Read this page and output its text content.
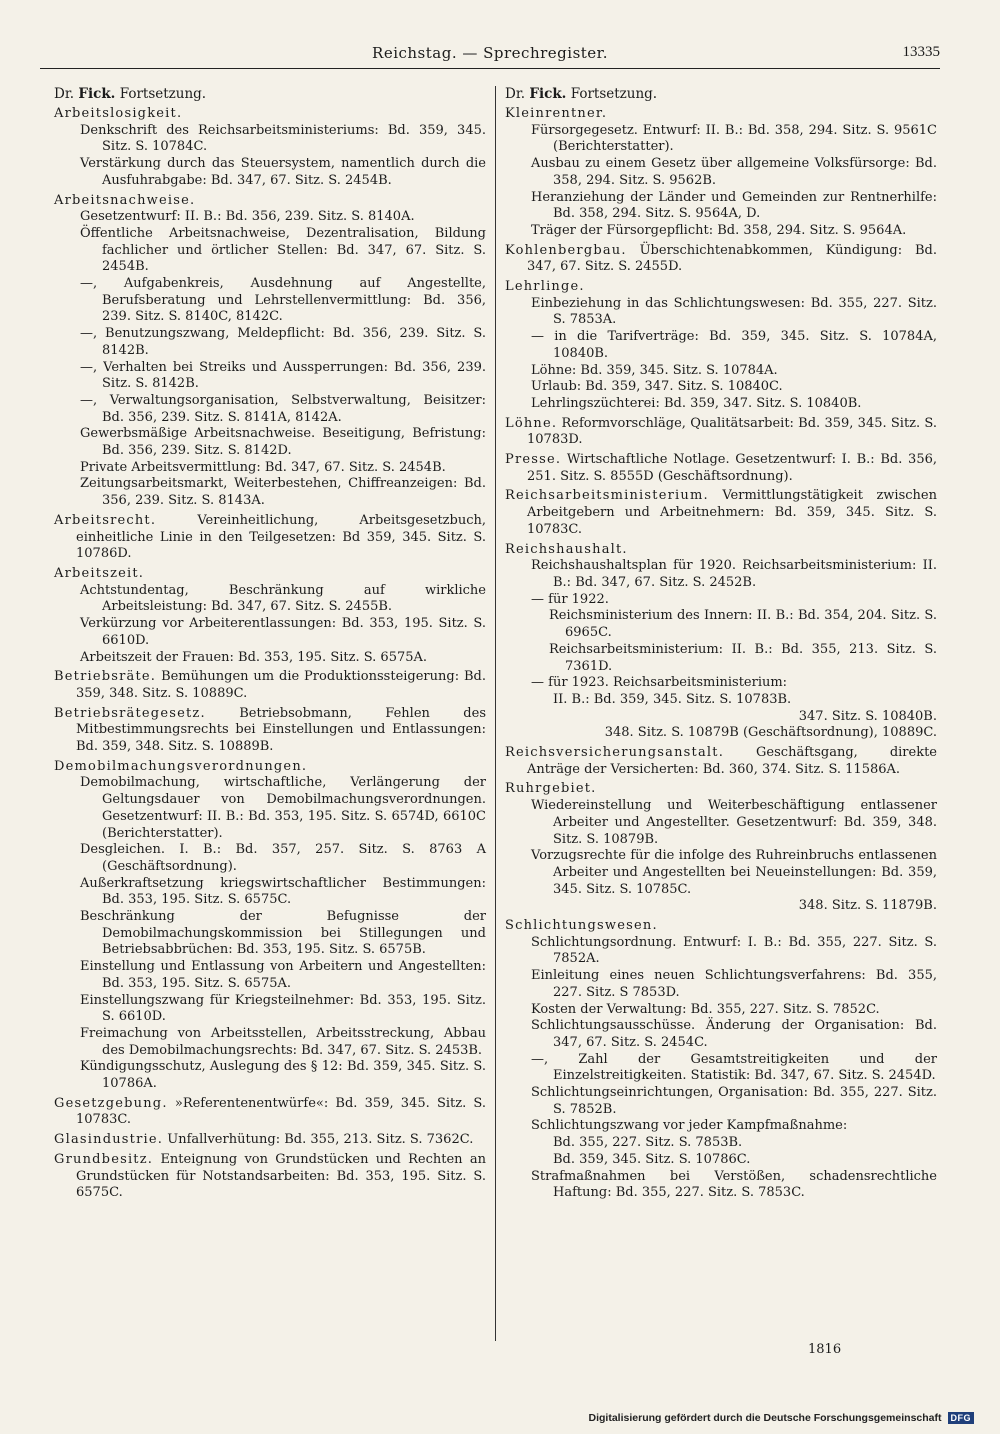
Reichstag. — Sprechregister.	13335
Dr. Fick. Fortsetzung.

Arbeitslosigkeit.

Denkschrift des Reichsarbeitsministeriums: Bd. 359, 345. Sitz. S. 10784C.

Verstärkung durch das Steuersystem, namentlich durch die Ausfuhrabgabe: Bd. 347, 67. Sitz. S. 2454B.

Arbeitsnachweise.

Gesetzentwurf: II. B.: Bd. 356, 239. Sitz. S. 8140A.

Öffentliche Arbeitsnachweise, Dezentralisation, Bildung fachlicher und örtlicher Stellen: Bd. 347, 67. Sitz. S. 2454B.

—, Aufgabenkreis, Ausdehnung auf Angestellte, Berufsberatung und Lehrstellenvermittlung: Bd. 356, 239. Sitz. S. 8140C, 8142C.

—, Benutzungszwang, Meldepflicht: Bd. 356, 239. Sitz. S. 8142B.

—, Verhalten bei Streiks und Aussperrungen: Bd. 356, 239. Sitz. S. 8142B.

—, Verwaltungsorganisation, Selbstverwaltung, Beisitzer: Bd. 356, 239. Sitz. S. 8141A, 8142A.

Gewerbsmäßige Arbeitsnachweise. Beseitigung, Befristung: Bd. 356, 239. Sitz. S. 8142D.

Private Arbeitsvermittlung: Bd. 347, 67. Sitz. S. 2454B.

Zeitungsarbeitsmarkt, Weiterbestehen, Chiffreanzeigen: Bd. 356, 239. Sitz. S. 8143A.

Arbeitsrecht.	Vereinheitlichung, Arbeitsgesetzbuch, einheitliche Linie in den Teilgesetzen: Bd 359, 345. Sitz. S. 10786D.

Arbeitszeit.

Achtstundentag, Beschränkung auf wirkliche Arbeitsleistung: Bd. 347, 67. Sitz. S. 2455B.

Verkürzung vor Arbeiterentlassungen: Bd. 353, 195. Sitz. S. 6610D.

Arbeitszeit der Frauen: Bd. 353, 195. Sitz. S. 6575A.

Betriebsräte. Bemühungen um die Produktionssteigerung: Bd. 359, 348. Sitz. S. 10889C.

Betriebsrätegesetz.	Betriebsobmann, Fehlen des Mitbestimmungsrechts bei Einstellungen und Entlassungen: Bd. 359, 348. Sitz. S. 10889B.

Demobilmachungsverordnungen.

Demobilmachung, wirtschaftliche, Verlängerung der Geltungsdauer von Demobilmachungsverordnungen. Gesetzentwurf: II. B.: Bd. 353, 195. Sitz. S. 6574D, 6610C (Berichterstatter).

Desgleichen. I. B.: Bd. 357, 257. Sitz. S. 8763 A (Geschäftsordnung).

Außerkraftsetzung kriegswirtschaftlicher Bestimmungen: Bd. 353, 195. Sitz. S. 6575C.

Beschränkung der Befugnisse der Demobilmachungskommission bei Stillegungen und Betriebsabbrüchen: Bd. 353, 195. Sitz. S. 6575B.

Einstellung und Entlassung von Arbeitern und Angestellten: Bd. 353, 195. Sitz. S. 6575A.

Einstellungszwang für Kriegsteilnehmer: Bd. 353, 195. Sitz. S. 6610D.

Freimachung von Arbeitsstellen, Arbeitsstreckung, Abbau des Demobilmachungsrechts: Bd. 347, 67. Sitz. S. 2453B.

Kündigungsschutz, Auslegung des § 12: Bd. 359, 345. Sitz. S. 10786A.

Gesetzgebung. »Referentenentwürfe«: Bd. 359, 345. Sitz. S. 10783C.

Glasindustrie. Unfallverhütung: Bd. 355, 213. Sitz. S. 7362C.

Grundbesitz. Enteignung von Grundstücken und Rechten an Grundstücken für Notstandsarbeiten: Bd. 353, 195. Sitz. S. 6575C.

Dr. Fick. Fortsetzung.

Kleinrentner.

Fürsorgegesetz. Entwurf: II. B.: Bd. 358, 294. Sitz. S. 9561C (Berichterstatter).

Ausbau zu einem Gesetz über allgemeine Volksfürsorge: Bd. 358, 294. Sitz. S. 9562B.

Heranziehung der Länder und Gemeinden zur Rentnerhilfe: Bd. 358, 294. Sitz. S. 9564A, D.

Träger der Fürsorgepflicht: Bd. 358, 294. Sitz. S. 9564A.

Kohlenbergbau. Überschichtenabkommen, Kündigung: Bd. 347, 67. Sitz. S. 2455D.

Lehrlinge.

Einbeziehung in das Schlichtungswesen: Bd. 355, 227. Sitz. S. 7853A.

— in die Tarifverträge: Bd. 359, 345. Sitz. S. 10784A, 10840B.

Löhne: Bd. 359, 345. Sitz. S. 10784A.

Urlaub: Bd. 359, 347. Sitz. S. 10840C.

Lehrlingszüchterei: Bd. 359, 347. Sitz. S. 10840B.

Löhne. Reformvorschläge, Qualitätsarbeit: Bd. 359, 345. Sitz. S. 10783D.

Presse. Wirtschaftliche Notlage. Gesetzentwurf: I. B.: Bd. 356, 251. Sitz. S. 8555D (Geschäftsordnung).

Reichsarbeitsministerium. Vermittlungstätigkeit zwischen Arbeitgebern und Arbeitnehmern: Bd. 359, 345. Sitz. S. 10783C.

Reichshaushalt.

Reichshaushaltsplan für 1920. Reichsarbeitsministerium: II. B.: Bd. 347, 67. Sitz. S. 2452B.

— für 1922.

Reichsministerium des Innern: II. B.: Bd. 354, 204. Sitz. S. 6965C.

Reichsarbeitsministerium: II. B.: Bd. 355, 213. Sitz. S. 7361D.

— für 1923. Reichsarbeitsministerium:

II. B.: Bd. 359, 345. Sitz. S. 10783B.

347. Sitz. S. 10840B.

348. Sitz. S. 10879B (Geschäftsordnung), 10889C.

Reichsversicherungsanstalt. Geschäftsgang, direkte Anträge der Versicherten: Bd. 360, 374. Sitz. S. 11586A.

Ruhrgebiet.

Wiedereinstellung und Weiterbeschäftigung entlassener Arbeiter und Angestellter. Gesetzentwurf: Bd. 359, 348. Sitz. S. 10879B.

Vorzugsrechte für die infolge des Ruhreinbruchs entlassenen Arbeiter und Angestellten bei Neueinstellungen: Bd. 359, 345. Sitz. S. 10785C.

348. Sitz. S. 11879B.

Schlichtungswesen.

Schlichtungsordnung. Entwurf: I. B.: Bd. 355, 227. Sitz. S. 7852A.

Einleitung eines neuen Schlichtungsverfahrens: Bd. 355, 227. Sitz. S 7853D.

Kosten der Verwaltung: Bd. 355, 227. Sitz. S. 7852C.

Schlichtungsausschüsse. Änderung der Organisation: Bd. 347, 67. Sitz. S. 2454C.

—, Zahl der Gesamtstreitigkeiten und der Einzelstreitigkeiten. Statistik: Bd. 347, 67. Sitz. S. 2454D.

Schlichtungseinrichtungen, Organisation: Bd. 355, 227. Sitz. S. 7852B.

Schlichtungszwang vor jeder Kampfmaßnahme:

Bd. 355, 227. Sitz. S. 7853B.

Bd. 359, 345. Sitz. S. 10786C.

Strafmaßnahmen bei Verstößen, schadensrechtliche Haftung: Bd. 355, 227. Sitz. S. 7853C.

1816
Digitalisierung gefördert durch die Deutsche Forschungsgemeinschaft	DFG
